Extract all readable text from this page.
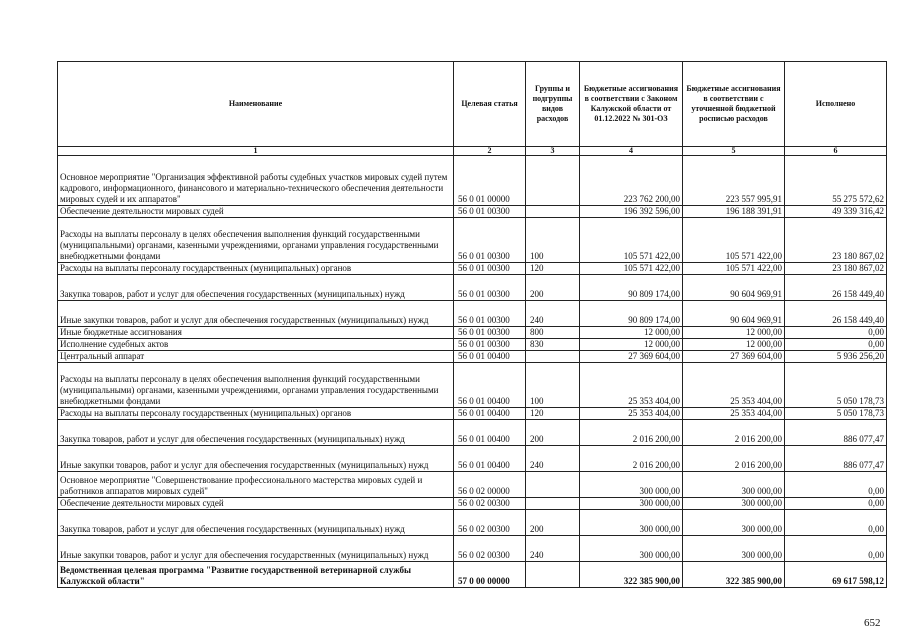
Наименование	Целевая статья	Группы и подгруппы видов расходов	Бюджетные ассигнования в соответствии с Законом Калужской области от 01.12.2022 № 301-ОЗ	Бюджетные ассигнования в соответствии с уточненной бюджетной росписью расходов	Исполнено
1	2	3	4	5	6
Основное мероприятие "Организация эффективной работы судебных участков мировых судей путем кадрового, информационного, финансового и материально-технического обеспечения деятельности мировых судей и их аппаратов"	56 0 01 00000		223 762 200,00	223 557 995,91	55 275 572,62
Обеспечение деятельности мировых судей	56 0 01 00300		196 392 596,00	196 188 391,91	49 339 316,42
Расходы на выплаты персоналу в целях обеспечения выполнения функций государственными (муниципальными) органами, казенными учреждениями, органами управления государственными внебюджетными фондами	56 0 01 00300	100	105 571 422,00	105 571 422,00	23 180 867,02
Расходы на выплаты персоналу государственных (муниципальных) органов	56 0 01 00300	120	105 571 422,00	105 571 422,00	23 180 867,02
Закупка товаров, работ и услуг для обеспечения государственных (муниципальных) нужд	56 0 01 00300	200	90 809 174,00	90 604 969,91	26 158 449,40
Иные закупки товаров, работ и услуг для обеспечения государственных (муниципальных) нужд	56 0 01 00300	240	90 809 174,00	90 604 969,91	26 158 449,40
Иные бюджетные ассигнования	56 0 01 00300	800	12 000,00	12 000,00	0,00
Исполнение судебных актов	56 0 01 00300	830	12 000,00	12 000,00	0,00
Центральный аппарат	56 0 01 00400		27 369 604,00	27 369 604,00	5 936 256,20
Расходы на выплаты персоналу в целях обеспечения выполнения функций государственными (муниципальными) органами, казенными учреждениями, органами управления государственными внебюджетными фондами	56 0 01 00400	100	25 353 404,00	25 353 404,00	5 050 178,73
Расходы на выплаты персоналу государственных (муниципальных) органов	56 0 01 00400	120	25 353 404,00	25 353 404,00	5 050 178,73
Закупка товаров, работ и услуг для обеспечения государственных (муниципальных) нужд	56 0 01 00400	200	2 016 200,00	2 016 200,00	886 077,47
Иные закупки товаров, работ и услуг для обеспечения государственных (муниципальных) нужд	56 0 01 00400	240	2 016 200,00	2 016 200,00	886 077,47
Основное мероприятие "Совершенствование профессионального мастерства мировых судей и работников аппаратов мировых судей"	56 0 02 00000		300 000,00	300 000,00	0,00
Обеспечение деятельности мировых судей	56 0 02 00300		300 000,00	300 000,00	0,00
Закупка товаров, работ и услуг для обеспечения государственных (муниципальных) нужд	56 0 02 00300	200	300 000,00	300 000,00	0,00
Иные закупки товаров, работ и услуг для обеспечения государственных (муниципальных) нужд	56 0 02 00300	240	300 000,00	300 000,00	0,00
Ведомственная целевая программа "Развитие государственной ветеринарной службы Калужской области"	57 0 00 00000		322 385 900,00	322 385 900,00	69 617 598,12
652
